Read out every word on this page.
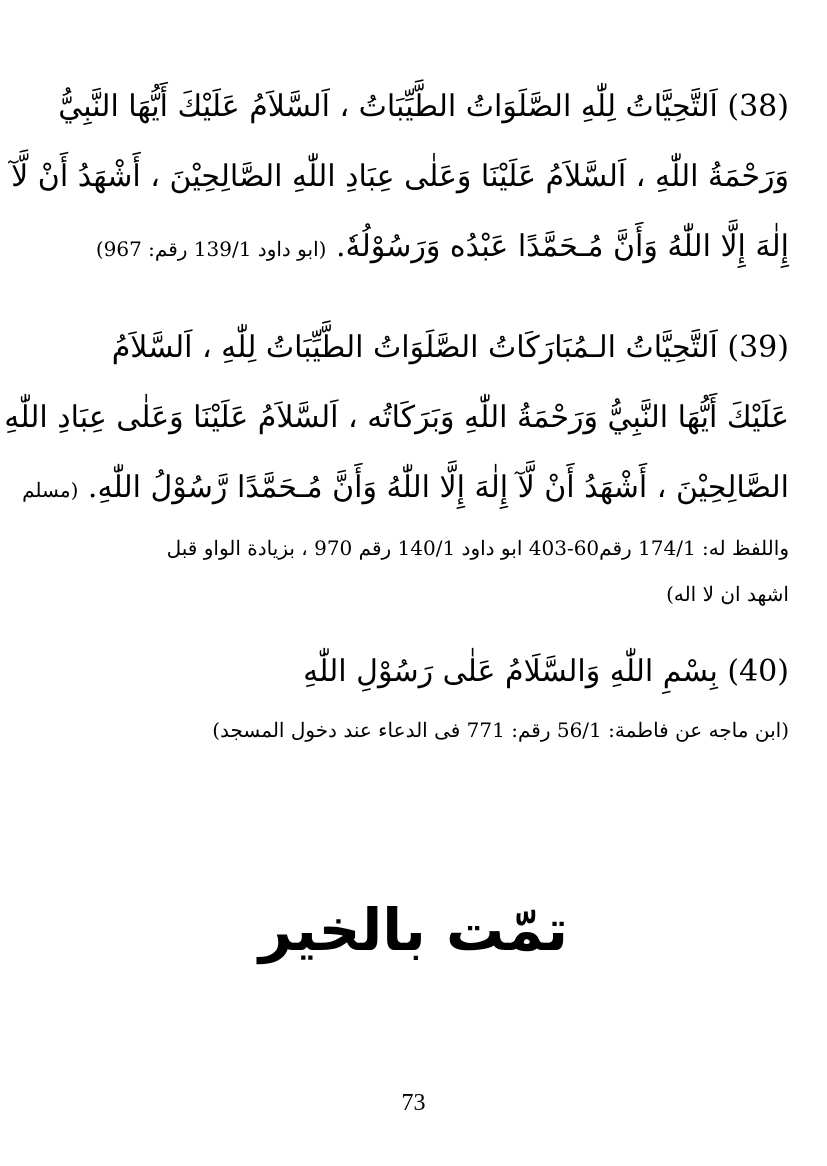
(38) اَلتَّحِيَّاتُ لِلّٰهِ الصَّلَوَاتُ الطَّيِّبَاتُ ، اَلسَّلاَمُ عَلَيْكَ أَيُّهَا النَّبِيُّ

وَرَحْمَةُ اللّٰهِ ، اَلسَّلاَمُ عَلَيْنَا وَعَلٰى عِبَادِ اللّٰهِ الصَّالِحِيْنَ ، أَشْهَدُ أَنْ لَّآ

إِلٰهَ إِلَّا اللّٰهُ وَأَنَّ مُـحَمَّدًا عَبْدُه وَرَسُوْلُهٗ. (ابو داود 139/1 رقم: 967)

(39) اَلتَّحِيَّاتُ الـمُبَارَكَاتُ الصَّلَوَاتُ الطَّيِّبَاتُ لِلّٰهِ ، اَلسَّلاَمُ

عَلَيْكَ أَيُّهَا النَّبِيُّ وَرَحْمَةُ اللّٰهِ وَبَرَكَاتُه ، اَلسَّلاَمُ عَلَيْنَا وَعَلٰى عِبَادِ اللّٰهِ

الصَّالِحِيْنَ ، أَشْهَدُ أَنْ لَّآ إِلٰهَ إِلَّا اللّٰهُ وَأَنَّ مُـحَمَّدًا رَّسُوْلُ اللّٰهِ. (مسلم

واللفظ له: 174/1 رقم60-403 ابو داود 140/1 رقم 970 ، بزيادة الواو قبل

اشهد ان لا اله)

(40) بِسْمِ اللّٰهِ وَالسَّلَامُ عَلٰى رَسُوْلِ اللّٰهِ

(ابن ماجه عن فاطمة: 56/1 رقم: 771 فى الدعاء عند دخول المسجد)

تمّت بالخير
73
